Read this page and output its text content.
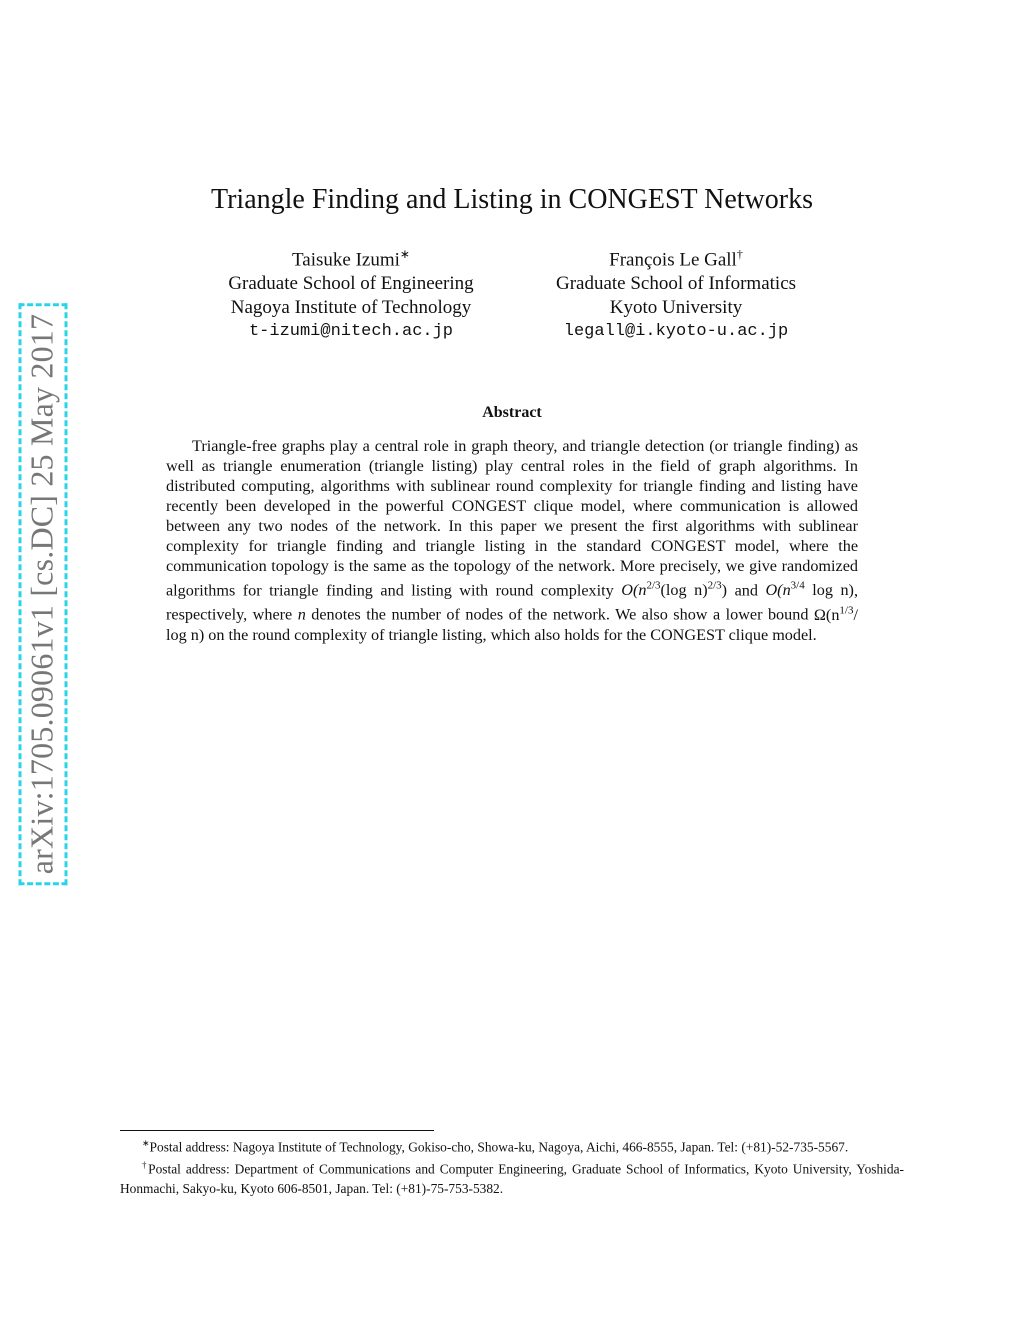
arXiv:1705.09061v1 [cs.DC] 25 May 2017
Triangle Finding and Listing in CONGEST Networks
Taisuke Izumi∗
Graduate School of Engineering
Nagoya Institute of Technology
t-izumi@nitech.ac.jp
François Le Gall†
Graduate School of Informatics
Kyoto University
legall@i.kyoto-u.ac.jp
Abstract

Triangle-free graphs play a central role in graph theory, and triangle detection (or triangle finding) as well as triangle enumeration (triangle listing) play central roles in the field of graph algorithms. In distributed computing, algorithms with sublinear round complexity for triangle finding and listing have recently been developed in the powerful CONGEST clique model, where communication is allowed between any two nodes of the network. In this paper we present the first algorithms with sublinear complexity for triangle finding and triangle listing in the standard CONGEST model, where the communication topology is the same as the topology of the network. More precisely, we give randomized algorithms for triangle finding and listing with round complexity $O(n^{2/3}(\log$ n)$^{2/3}$) and $O(n^{3/4}$ log n), respectively, where n denotes the number of nodes of the network. We also show a lower bound $\Omega(n^{1/3}/$ log n) on the round complexity of triangle listing, which also holds for the CONGEST clique model.

∗Postal address: Nagoya Institute of Technology, Gokiso-cho, Showa-ku, Nagoya, Aichi, 466-8555, Japan. Tel: (+81)-52-735-5567.

†Postal address: Department of Communications and Computer Engineering, Graduate School of Informatics, Kyoto University, Yoshida-Honmachi, Sakyo-ku, Kyoto 606-8501, Japan. Tel: (+81)-75-753-5382.
